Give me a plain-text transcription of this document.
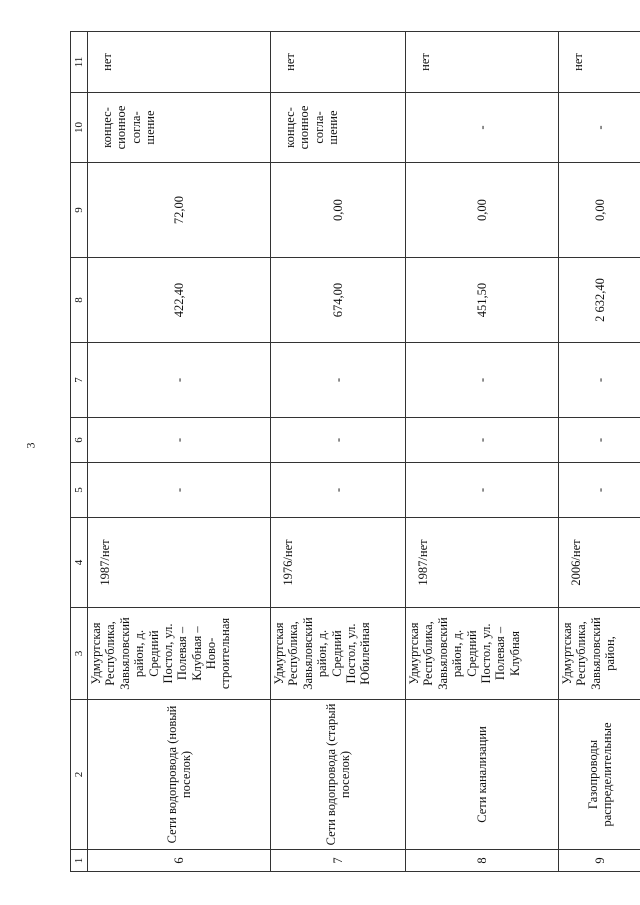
3
1	2	3	4	5	6	7	8	9	10	11
6	Сети водопровода (новый поселок)	Удмуртская Республика, Завьяловский район, д. Средний Постол, ул. Полевая – Клубная – Ново-строительная	1987/нет	-	-	-	422,40	72,00	концес-сионное согла-шение	нет
7	Сети водопровода (старый поселок)	Удмуртская Республика, Завьяловский район, д. Средний Постол, ул. Юбилейная	1976/нет	-	-	-	674,00	0,00	концес-сионное согла-шение	нет
8	Сети канализации	Удмуртская Республика, Завьяловский район, д. Средний Постол, ул. Полевая – Клубная	1987/нет	-	-	-	451,50	0,00	-	нет
9	Газопроводы распределительные	Удмуртская Республика, Завьяловский район,	2006/нет	-	-	-	2 632,40	0,00	-	нет
